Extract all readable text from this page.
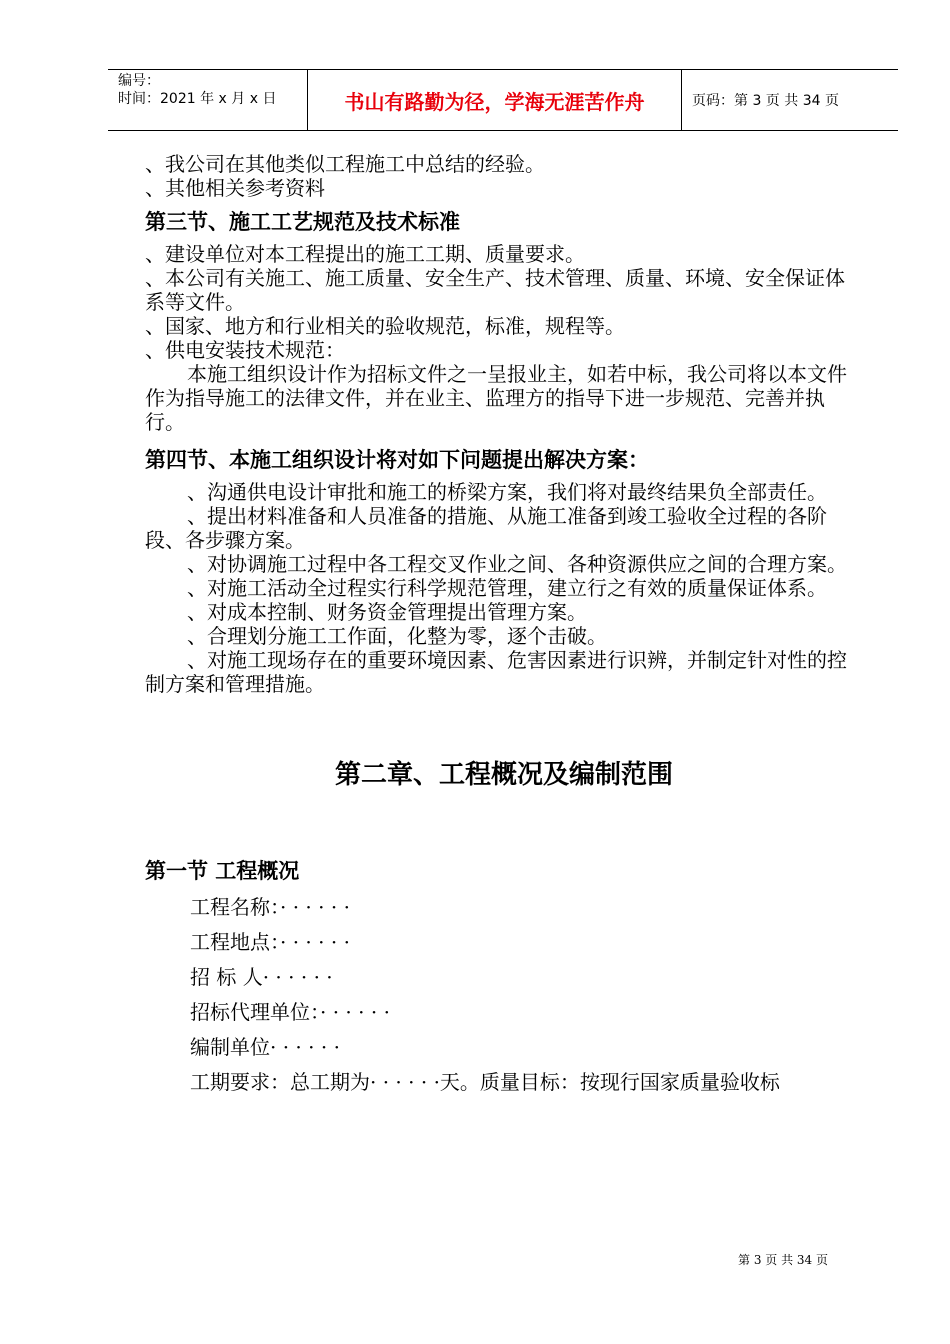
编号：
时间：2021 年 x 月 x 日	书山有路勤为径，学海无涯苦作舟	页码：第 3 页 共 34 页

、我公司在其他类似工程施工中总结的经验。

、其他相关参考资料

第三节、施工工艺规范及技术标准

、建设单位对本工程提出的施工工期、质量要求。

、本公司有关施工、施工质量、安全生产、技术管理、质量、环境、安全保证体系等文件。

、国家、地方和行业相关的验收规范，标准，规程等。

、供电安装技术规范：

本施工组织设计作为招标文件之一呈报业主，如若中标，我公司将以本文件作为指导施工的法律文件，并在业主、监理方的指导下进一步规范、完善并执行。

第四节、本施工组织设计将对如下问题提出解决方案：

、沟通供电设计审批和施工的桥梁方案，我们将对最终结果负全部责任。

、提出材料准备和人员准备的措施、从施工准备到竣工验收全过程的各阶段、各步骤方案。

、对协调施工过程中各工程交叉作业之间、各种资源供应之间的合理方案。

、对施工活动全过程实行科学规范管理，建立行之有效的质量保证体系。

、对成本控制、财务资金管理提出管理方案。

、合理划分施工工作面，化整为零，逐个击破。

、对施工现场存在的重要环境因素、危害因素进行识辨，并制定针对性的控制方案和管理措施。

第二章、工程概况及编制范围
第一节 工程概况

工程名称：· · · · · ·

工程地点：· · · · · ·

招 标 人· · · · · ·

招标代理单位：· · · · · ·

编制单位· · · · · ·

工期要求：总工期为· · · · · ·天。质量目标：按现行国家质量验收标

第 3 页 共 34 页
